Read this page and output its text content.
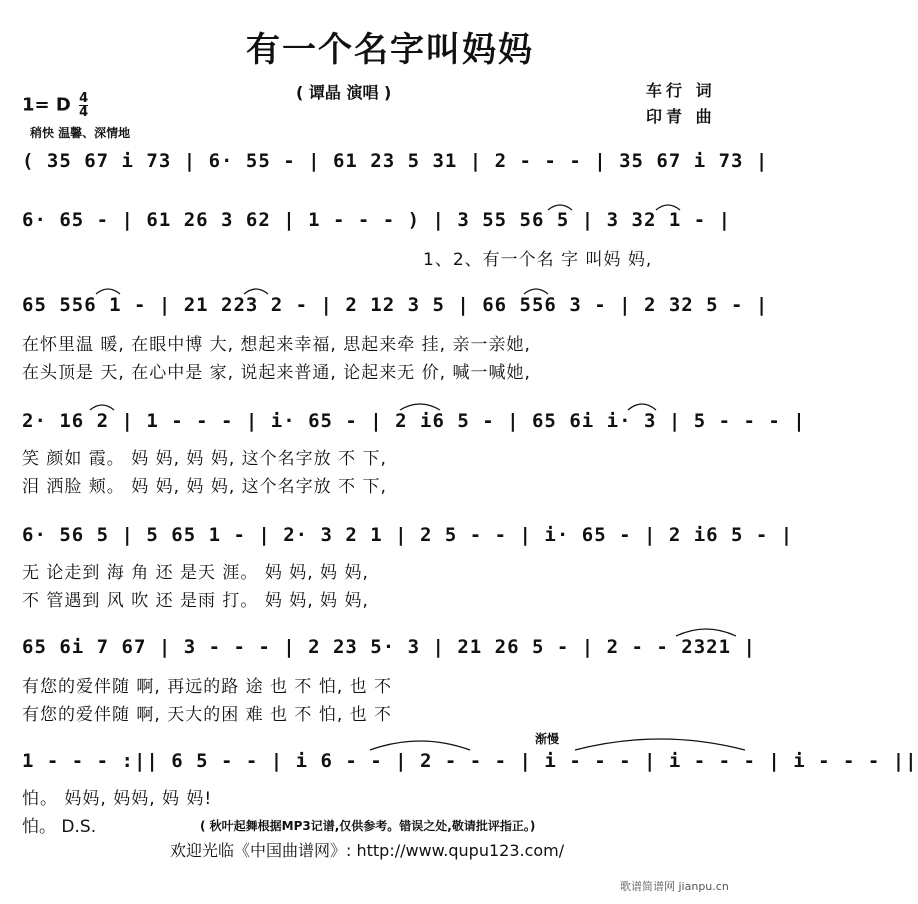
有一个名字叫妈妈
( 谭晶 演唱 )	车行 词
印青 曲
1= D $\frac{4}{4}$
稍快 温馨、深情地
( 35 67 i 73 | 6· 55 - | 61 23 5 31 | 2 - - - | 35 67 i 73 |
6· 65 - | 61 26 3 62 | 1 - - - ) | 3 55 56 5 | 3 32 1 - |
1、2、有一个名 字 叫妈 妈,
65 556 1 - | 21 223 2 - | 2 12 3 5 | 66 556 3 - | 2 32 5 - |
在怀里温 暖, 在眼中博 大, 想起来幸福, 思起来牵 挂, 亲一亲她,
在头顶是 天, 在心中是 家, 说起来普通, 论起来无 价, 喊一喊她,
2· 16 2 | 1 - - - | i· 65 - | 2 i6 5 - | 65 6i i· 3 | 5 - - - |
笑 颜如 霞。 妈 妈, 妈 妈, 这个名字放 不 下,
泪 洒脸 颊。 妈 妈, 妈 妈, 这个名字放 不 下,
6· 56 5 | 5 65 1 - | 2· 3 2 1 | 2 5 - - | i· 65 - | 2 i6 5 - |
无 论走到 海 角 还 是天 涯。 妈 妈, 妈 妈,
不 管遇到 风 吹 还 是雨 打。 妈 妈, 妈 妈,
65 6i 7 67 | 3 - - - | 2 23 5· 3 | 21 26 5 - | 2 - - 2321 |
有您的爱伴随 啊, 再远的路 途 也 不 怕, 也 不
有您的爱伴随 啊, 天大的困 难 也 不 怕, 也 不
渐慢
1 - - - :|| 6 5 - - | i 6 - - | 2 - - - | i - - - | i - - - | i - - - ||
怕。 妈妈, 妈妈, 妈 妈!
怕。 D.S.	( 秋叶起舞根据MP3记谱,仅供参考。错误之处,敬请批评指正。)
欢迎光临《中国曲谱网》: http://www.qupu123.com/
歌谱简谱网 jianpu.cn
